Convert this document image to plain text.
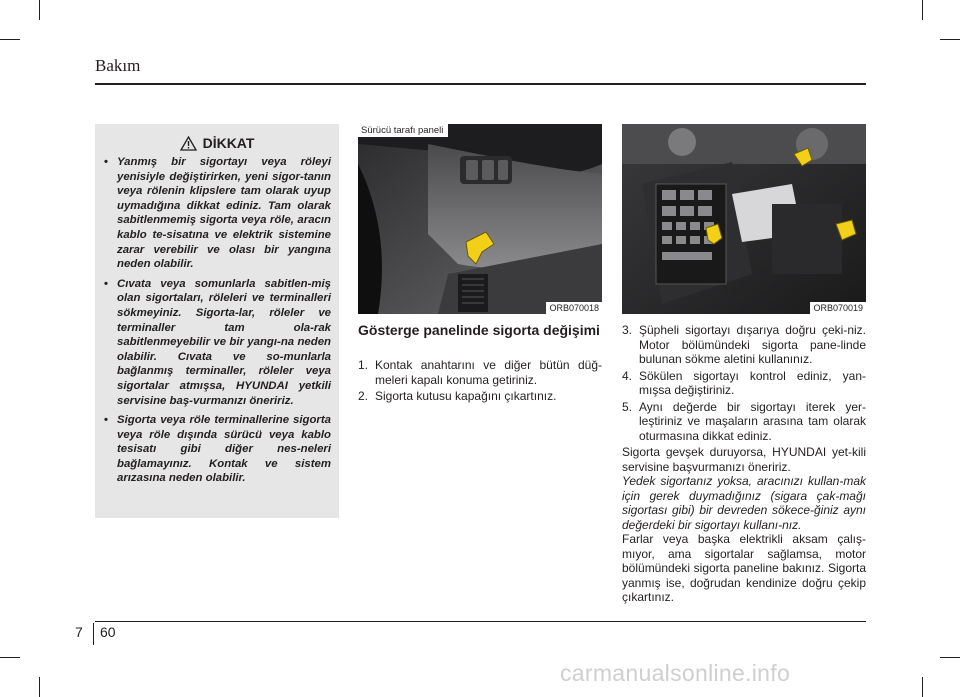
Bakım
DİKKAT
• Yanmış bir sigortayı veya röleyi yenisiyle değiştirirken, yeni sigor-tanın veya rölenin klipslere tam olarak uyup uymadığına dikkat ediniz. Tam olarak sabitlenmemiş sigorta veya röle, aracın kablo te-sisatına ve elektrik sistemine zarar verebilir ve olası bir yangına neden olabilir.
• Cıvata veya somunlarla sabitlen-miş olan sigortaları, röleleri ve terminalleri sökmeyiniz. Sigorta-lar, röleler ve terminaller tam ola-rak sabitlenmeyebilir ve bir yangı-na neden olabilir. Cıvata ve so-munlarla bağlanmış terminaller, röleler veya sigortalar atmışsa, HYUNDAI yetkili servisine baş-vurmanızı öneririz.
• Sigorta veya röle terminallerine sigorta veya röle dışında sürücü veya kablo tesisatı gibi diğer nes-neleri bağlamayınız. Kontak ve sistem arızasına neden olabilir.
Sürücü tarafı paneli
ORB070018	ORB070019
Gösterge panelinde sigorta değişimi
1. Kontak anahtarını ve diğer bütün düğ-meleri kapalı konuma getiriniz.
2. Sigorta kutusu kapağını çıkartınız.
3. Şüpheli sigortayı dışarıya doğru çeki-niz. Motor bölümündeki sigorta pane-linde bulunan sökme aletini kullanınız.
4. Sökülen sigortayı kontrol ediniz, yan-mışsa değiştiriniz.
5. Aynı değerde bir sigortayı iterek yer-leştiriniz ve maşaların arasına tam olarak oturmasına dikkat ediniz.

Sigorta gevşek duruyorsa, HYUNDAI yet-kili servisine başvurmanızı öneririz.

Yedek sigortanız yoksa, aracınızı kullan-mak için gerek duymadığınız (sigara çak-mağı sigortası gibi) bir devreden sökece-ğiniz aynı değerdeki bir sigortayı kullanı-nız.

Farlar veya başka elektrikli aksam çalış-mıyor, ama sigortalar sağlamsa, motor bölümündeki sigorta paneline bakınız. Sigorta yanmış ise, doğrudan kendinize doğru çekip çıkartınız.

7 60
carmanualsonline.info
